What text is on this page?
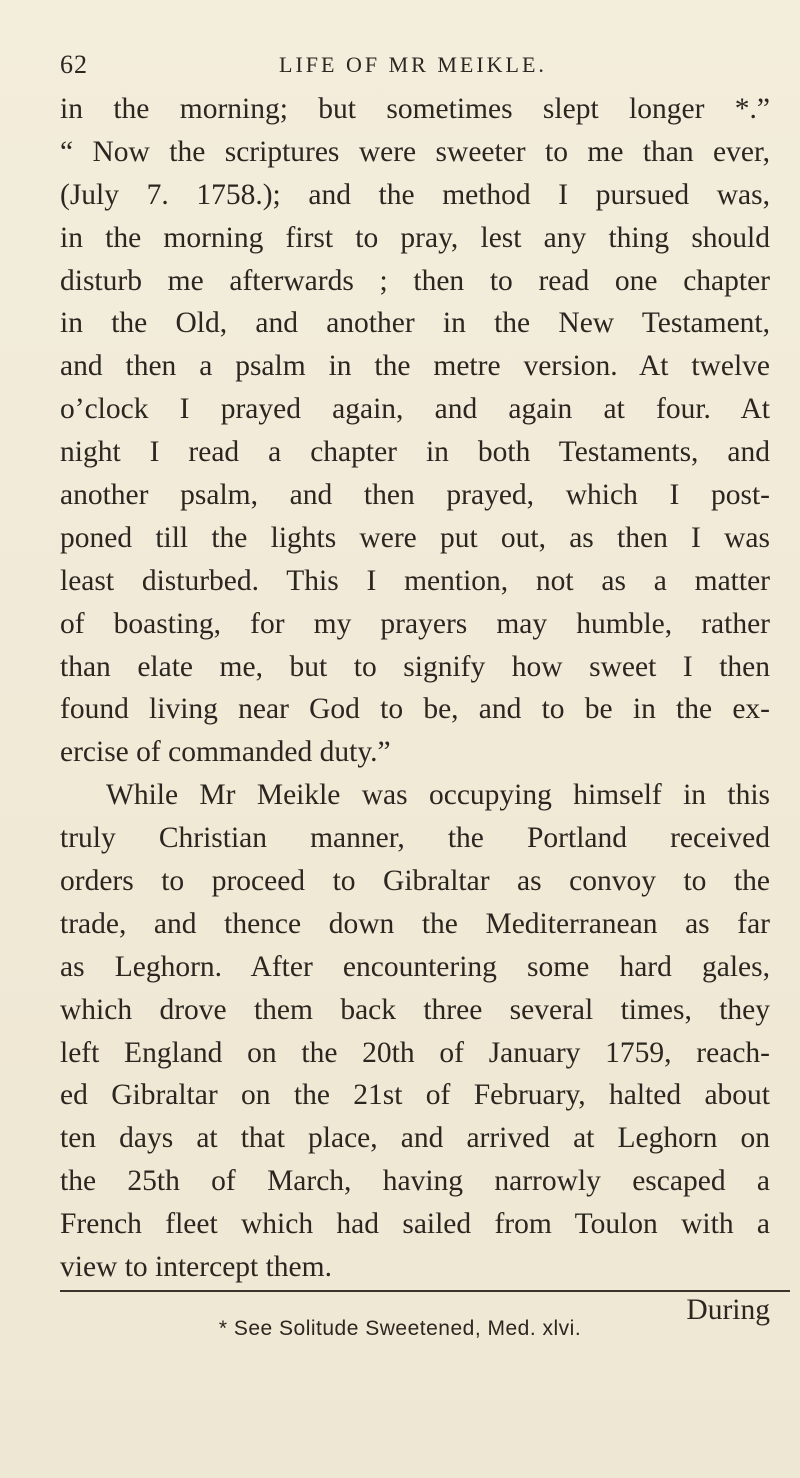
62	LIFE OF MR MEIKLE.
in the morning; but sometimes slept longer *.”
“ Now the scriptures were sweeter to me than ever,
(July 7. 1758.); and the method I pursued was,
in the morning first to pray, lest any thing should
disturb me afterwards ; then to read one chapter
in the Old, and another in the New Testament,
and then a psalm in the metre version. At twelve
o’clock I prayed again, and again at four. At
night I read a chapter in both Testaments, and
another psalm, and then prayed, which I post-
poned till the lights were put out, as then I was
least disturbed. This I mention, not as a matter
of boasting, for my prayers may humble, rather
than elate me, but to signify how sweet I then
found living near God to be, and to be in the ex-
ercise of commanded duty.”
While Mr Meikle was occupying himself in this
truly Christian manner, the Portland received
orders to proceed to Gibraltar as convoy to the
trade, and thence down the Mediterranean as far
as Leghorn. After encountering some hard gales,
which drove them back three several times, they
left England on the 20th of January 1759, reach-
ed Gibraltar on the 21st of February, halted about
ten days at that place, and arrived at Leghorn on
the 25th of March, having narrowly escaped a
French fleet which had sailed from Toulon with a
view to intercept them.
During
* See Solitude Sweetened, Med. xlvi.
